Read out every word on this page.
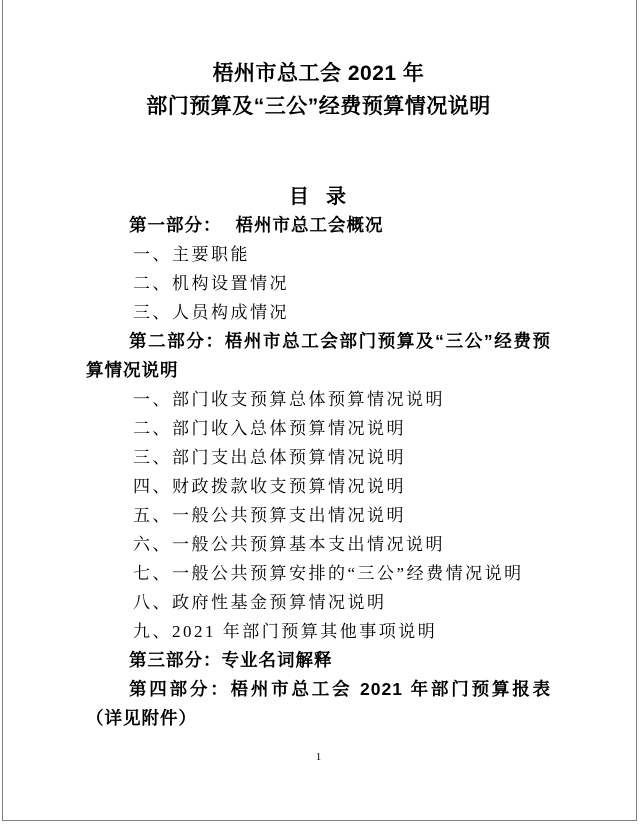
梧州市总工会 2021 年
部门预算及“三公”经费预算情况说明
目  录

第一部分： 梧州市总工会概况

一、主要职能

二、机构设置情况

三、人员构成情况

第二部分：梧州市总工会部门预算及“三公”经费预算情况说明

一、部门收支预算总体预算情况说明

二、部门收入总体预算情况说明

三、部门支出总体预算情况说明

四、财政拨款收支预算情况说明

五、一般公共预算支出情况说明

六、一般公共预算基本支出情况说明

七、一般公共预算安排的“三公”经费情况说明

八、政府性基金预算情况说明

九、2021 年部门预算其他事项说明

第三部分：专业名词解释

第四部分：梧州市总工会 2021 年部门预算报表（详见附件）

1
